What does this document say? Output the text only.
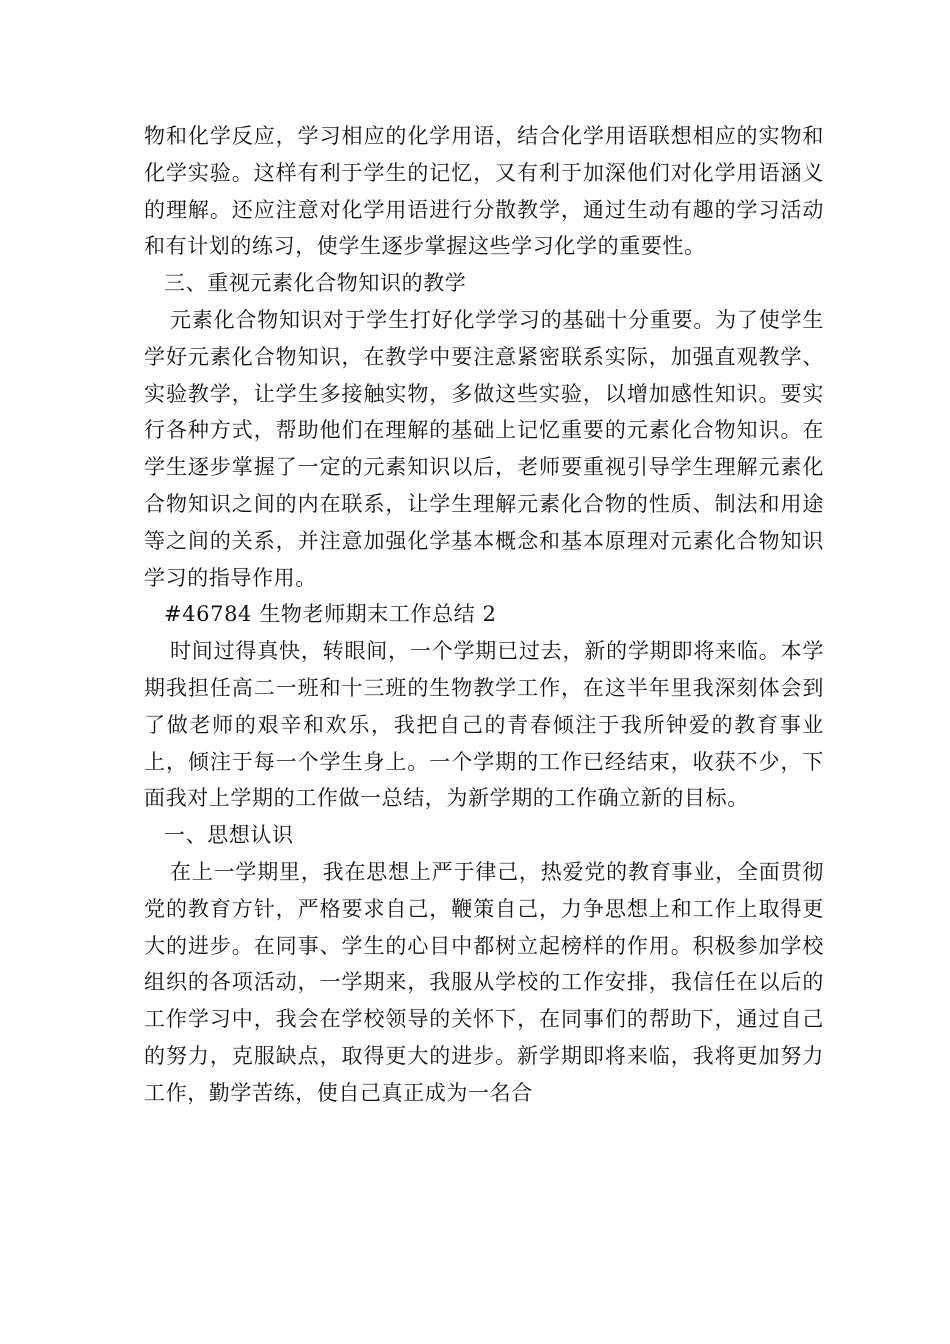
物和化学反应，学习相应的化学用语，结合化学用语联想相应的实物和化学实验。这样有利于学生的记忆，又有利于加深他们对化学用语涵义的理解。还应注意对化学用语进行分散教学，通过生动有趣的学习活动和有计划的练习，使学生逐步掌握这些学习化学的重要性。

三、重视元素化合物知识的教学

元素化合物知识对于学生打好化学学习的基础十分重要。为了使学生学好元素化合物知识，在教学中要注意紧密联系实际，加强直观教学、实验教学，让学生多接触实物，多做这些实验，以增加感性知识。要实行各种方式，帮助他们在理解的基础上记忆重要的元素化合物知识。在学生逐步掌握了一定的元素知识以后，老师要重视引导学生理解元素化合物知识之间的内在联系，让学生理解元素化合物的性质、制法和用途等之间的关系，并注意加强化学基本概念和基本原理对元素化合物知识学习的指导作用。

#46784 生物老师期末工作总结 2

时间过得真快，转眼间，一个学期已过去，新的学期即将来临。本学期我担任高二一班和十三班的生物教学工作，在这半年里我深刻体会到了做老师的艰辛和欢乐，我把自己的青春倾注于我所钟爱的教育事业上，倾注于每一个学生身上。一个学期的工作已经结束，收获不少，下面我对上学期的工作做一总结，为新学期的工作确立新的目标。

一、思想认识

在上一学期里，我在思想上严于律己，热爱党的教育事业，全面贯彻党的教育方针，严格要求自己，鞭策自己，力争思想上和工作上取得更大的进步。在同事、学生的心目中都树立起榜样的作用。积极参加学校组织的各项活动，一学期来，我服从学校的工作安排，我信任在以后的工作学习中，我会在学校领导的关怀下，在同事们的帮助下，通过自己的努力，克服缺点，取得更大的进步。新学期即将来临，我将更加努力工作，勤学苦练，使自己真正成为一名合
